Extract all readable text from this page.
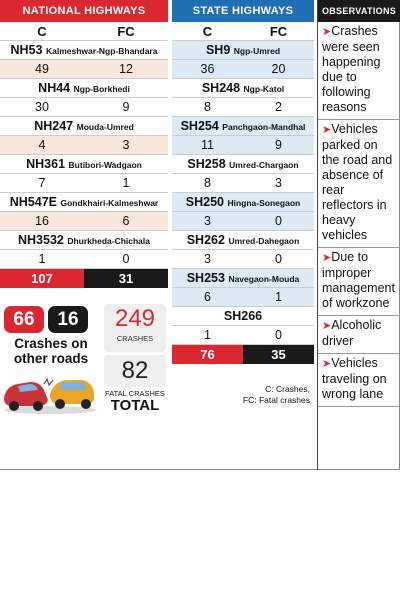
NATIONAL HIGHWAYS
C	FC
NH53 Kalmeshwar-Ngp-Bhandara
49	12
NH44 Ngp-Borkhedi
30	9
NH247 Mouda-Umred
4	3
NH361 Butibori-Wadgaon
7	1
NH547E Gondkhairi-Kalmeshwar
16	6
NH3532 Dhurkheda-Chichala
1	0
107	31
STATE HIGHWAYS
C	FC
SH9 Ngp-Umred
36	20
SH248 Ngp-Katol
8	2
SH254 Panchgaon-Mandhal
11	9
SH258 Umred-Chargaon
8	3
SH250 Hingna-Sonegaon
3	0
SH262 Umred-Dahegaon
3	0
SH253 Navegaon-Mouda
6	1
SH266
1	0
76	35
OBSERVATIONS
➤Crashes were seen happening due to following reasons
➤Vehicles parked on the road and absence of rear reflectors in heavy vehicles
➤Due to improper management of workzone
➤Alcoholic driver
➤Vehicles traveling on wrong lane
66	16
Crashes on other roads
249
CRASHES
82
FATAL CRASHES
TOTAL
C: Crashes,
FC: Fatal crashes
